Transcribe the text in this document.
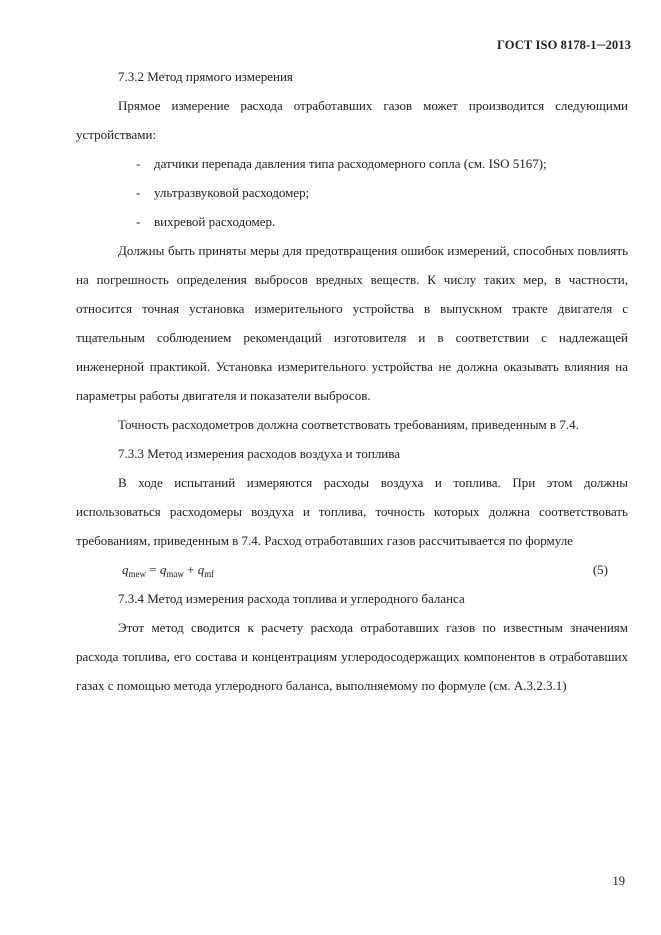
ГОСТ ISO 8178-1─2013
7.3.2 Метод прямого измерения
Прямое измерение расхода отработавших газов может производится следующими устройствами:
-	датчики перепада давления типа расходомерного сопла (см. ISO 5167);
-	ультразвуковой расходомер;
-	вихревой расходомер.
Должны быть приняты меры для предотвращения ошибок измерений, способных повлиять на погрешность определения выбросов вредных веществ. К числу таких мер, в частности, относится точная установка измерительного устройства в выпускном тракте двигателя с тщательным соблюдением рекомендаций изготовителя и в соответствии с надлежащей инженерной практикой. Установка измерительного устройства не должна оказывать влияния на параметры работы двигателя и показатели выбросов.
Точность расходометров должна соответствовать требованиям, приведенным в 7.4.
7.3.3 Метод измерения расходов воздуха и топлива
В ходе испытаний измеряются расходы воздуха и топлива. При этом должны использоваться расходомеры воздуха и топлива, точность которых должна соответствовать требованиям, приведенным в 7.4. Расход отработавших газов рассчитывается по формуле
$q_{mew} = q_{maw} + q_{mf}$	(5)
7.3.4 Метод измерения расхода топлива и углеродного баланса
Этот метод сводится к расчету расхода отработавших газов по известным значениям расхода топлива, его состава и концентрациям углеродосодержащих компонентов в отработавших газах с помощью метода углеродного баланса, выполняемому по формуле (см. А.3.2.3.1)
19
